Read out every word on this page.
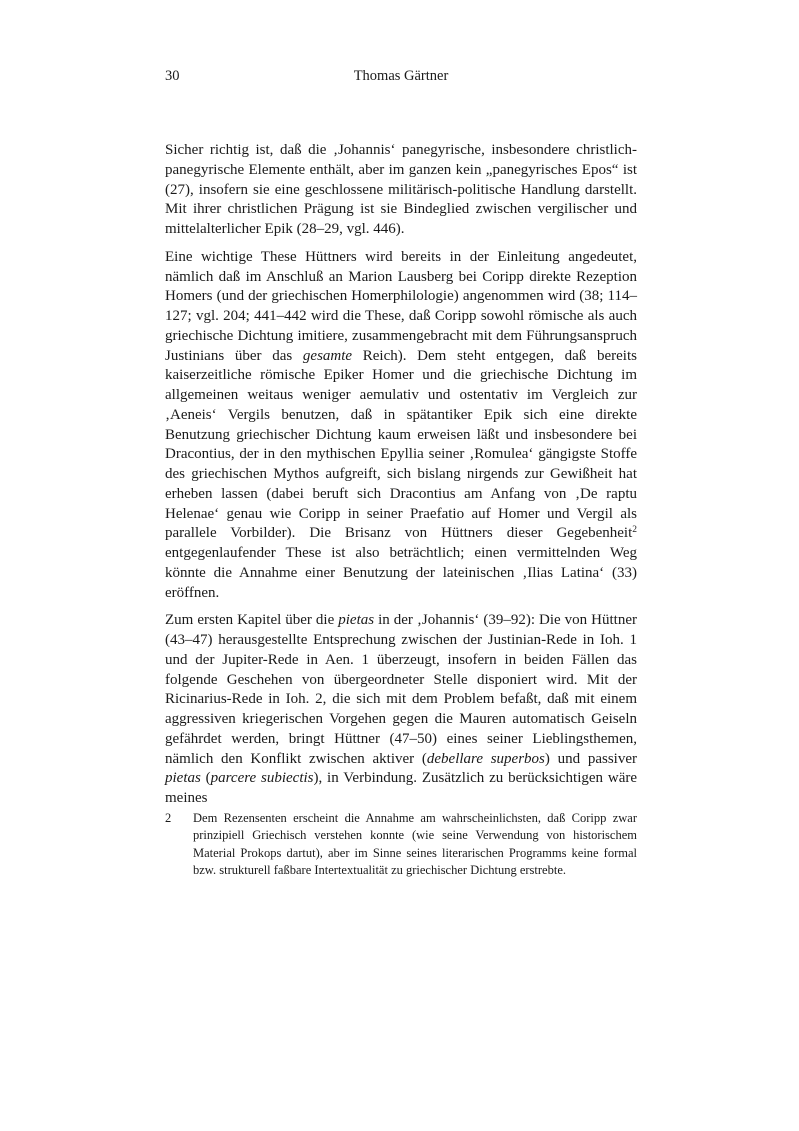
30	Thomas Gärtner

Sicher richtig ist, daß die ‚Johannis‘ panegyrische, insbesondere christlich-panegyrische Elemente enthält, aber im ganzen kein „panegyrisches Epos“ ist (27), insofern sie eine geschlossene militärisch-politische Handlung darstellt. Mit ihrer christlichen Prägung ist sie Bindeglied zwischen vergilischer und mittelalterlicher Epik (28–29, vgl. 446).

Eine wichtige These Hüttners wird bereits in der Einleitung angedeutet, nämlich daß im Anschluß an Marion Lausberg bei Coripp direkte Rezeption Homers (und der griechischen Homerphilologie) angenommen wird (38; 114–127; vgl. 204; 441–442 wird die These, daß Coripp sowohl römische als auch griechische Dichtung imitiere, zusammengebracht mit dem Führungsanspruch Justinians über das gesamte Reich). Dem steht entgegen, daß bereits kaiserzeitliche römische Epiker Homer und die griechische Dichtung im allgemeinen weitaus weniger aemulativ und ostentativ im Vergleich zur ‚Aeneis‘ Vergils benutzen, daß in spätantiker Epik sich eine direkte Benutzung griechischer Dichtung kaum erweisen läßt und insbesondere bei Dracontius, der in den mythischen Epyllia seiner ‚Romulea‘ gängigste Stoffe des griechischen Mythos aufgreift, sich bislang nirgends zur Gewißheit hat erheben lassen (dabei beruft sich Dracontius am Anfang von ‚De raptu Helenae‘ genau wie Coripp in seiner Praefatio auf Homer und Vergil als parallele Vorbilder). Die Brisanz von Hüttners dieser Gegebenheit$^2$ entgegenlaufender These ist also beträchtlich; einen vermittelnden Weg könnte die Annahme einer Benutzung der lateinischen ‚Ilias Latina‘ (33) eröffnen.

Zum ersten Kapitel über die pietas in der ‚Johannis‘ (39–92): Die von Hüttner (43–47) herausgestellte Entsprechung zwischen der Justinian-Rede in Ioh. 1 und der Jupiter-Rede in Aen. 1 überzeugt, insofern in beiden Fällen das folgende Geschehen von übergeordneter Stelle disponiert wird. Mit der Ricinarius-Rede in Ioh. 2, die sich mit dem Problem befaßt, daß mit einem aggressiven kriegerischen Vorgehen gegen die Mauren automatisch Geiseln gefährdet werden, bringt Hüttner (47–50) eines seiner Lieblingsthemen, nämlich den Konflikt zwischen aktiver (debellare superbos) und passiver pietas (parcere subiectis), in Verbindung. Zusätzlich zu berücksichtigen wäre meines

2	Dem Rezensenten erscheint die Annahme am wahrscheinlichsten, daß Coripp zwar prinzipiell Griechisch verstehen konnte (wie seine Verwendung von historischem Material Prokops dartut), aber im Sinne seines literarischen Programms keine formal bzw. strukturell faßbare Intertextualität zu griechischer Dichtung erstrebte.
